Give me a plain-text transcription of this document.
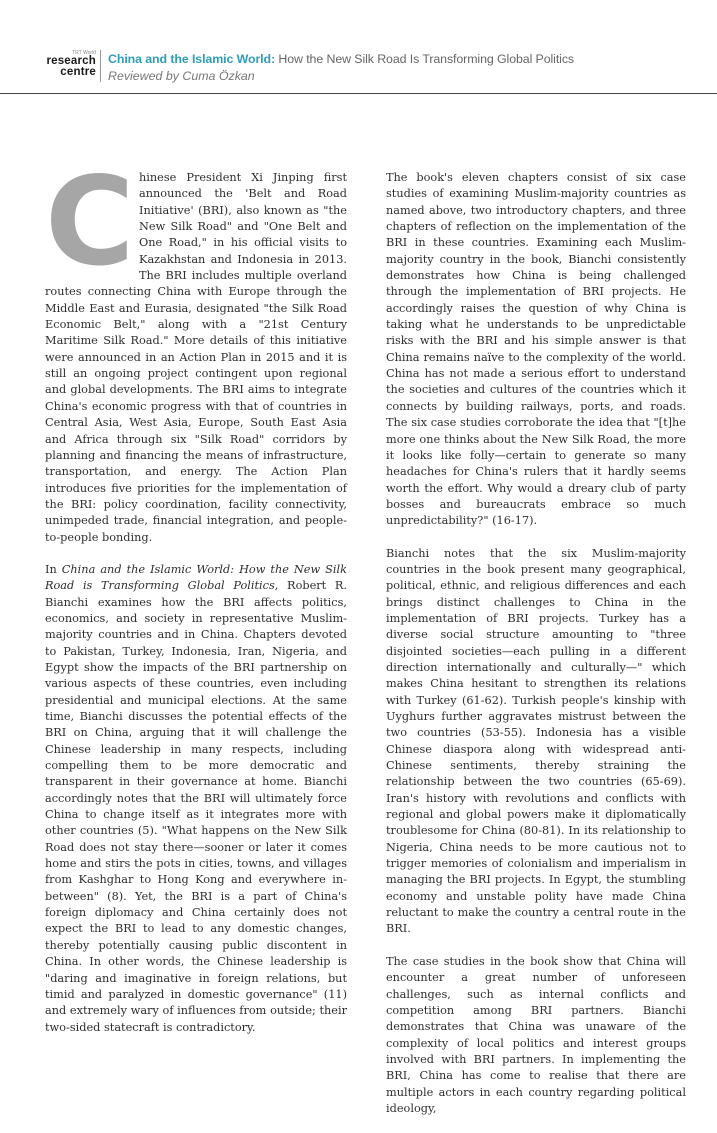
TRT World
research
centre
China and the Islamic World: How the New Silk Road Is Transforming Global Politics
Reviewed by Cuma Özkan

Chinese President Xi Jinping first announced the 'Belt and Road Initiative' (BRI), also known as "the New Silk Road" and "One Belt and One Road," in his official visits to Kazakhstan and Indonesia in 2013. The BRI includes multiple overland routes connecting China with Europe through the Middle East and Eurasia, designated "the Silk Road Economic Belt," along with a "21st Century Maritime Silk Road." More details of this initiative were announced in an Action Plan in 2015 and it is still an ongoing project contingent upon regional and global developments. The BRI aims to integrate China's economic progress with that of countries in Central Asia, West Asia, Europe, South East Asia and Africa through six "Silk Road" corridors by planning and financing the means of infrastructure, transportation, and energy. The Action Plan introduces five priorities for the implementation of the BRI: policy coordination, facility connectivity, unimpeded trade, financial integration, and people-to-people bonding.

In China and the Islamic World: How the New Silk Road is Transforming Global Politics, Robert R. Bianchi examines how the BRI affects politics, economics, and society in representative Muslim-majority countries and in China. Chapters devoted to Pakistan, Turkey, Indonesia, Iran, Nigeria, and Egypt show the impacts of the BRI partnership on various aspects of these countries, even including presidential and municipal elections. At the same time, Bianchi discusses the potential effects of the BRI on China, arguing that it will challenge the Chinese leadership in many respects, including compelling them to be more democratic and transparent in their governance at home. Bianchi accordingly notes that the BRI will ultimately force China to change itself as it integrates more with other countries (5). "What happens on the New Silk Road does not stay there—sooner or later it comes home and stirs the pots in cities, towns, and villages from Kashghar to Hong Kong and everywhere in-between" (8). Yet, the BRI is a part of China's foreign diplomacy and China certainly does not expect the BRI to lead to any domestic changes, thereby potentially causing public discontent in China. In other words, the Chinese leadership is "daring and imaginative in foreign relations, but timid and paralyzed in domestic governance" (11) and extremely wary of influences from outside; their two-sided statecraft is contradictory.

The book's eleven chapters consist of six case studies of examining Muslim-majority countries as named above, two introductory chapters, and three chapters of reflection on the implementation of the BRI in these countries. Examining each Muslim-majority country in the book, Bianchi consistently demonstrates how China is being challenged through the implementation of BRI projects. He accordingly raises the question of why China is taking what he understands to be unpredictable risks with the BRI and his simple answer is that China remains naïve to the complexity of the world. China has not made a serious effort to understand the societies and cultures of the countries which it connects by building railways, ports, and roads. The six case studies corroborate the idea that "[t]he more one thinks about the New Silk Road, the more it looks like folly—certain to generate so many headaches for China's rulers that it hardly seems worth the effort. Why would a dreary club of party bosses and bureaucrats embrace so much unpredictability?" (16-17).

Bianchi notes that the six Muslim-majority countries in the book present many geographical, political, ethnic, and religious differences and each brings distinct challenges to China in the implementation of BRI projects. Turkey has a diverse social structure amounting to "three disjointed societies—each pulling in a different direction internationally and culturally—" which makes China hesitant to strengthen its relations with Turkey (61-62). Turkish people's kinship with Uyghurs further aggravates mistrust between the two countries (53-55). Indonesia has a visible Chinese diaspora along with widespread anti-Chinese sentiments, thereby straining the relationship between the two countries (65-69). Iran's history with revolutions and conflicts with regional and global powers make it diplomatically troublesome for China (80-81). In its relationship to Nigeria, China needs to be more cautious not to trigger memories of colonialism and imperialism in managing the BRI projects. In Egypt, the stumbling economy and unstable polity have made China reluctant to make the country a central route in the BRI.

The case studies in the book show that China will encounter a great number of unforeseen challenges, such as internal conflicts and competition among BRI partners. Bianchi demonstrates that China was unaware of the complexity of local politics and interest groups involved with BRI partners. In implementing the BRI, China has come to realise that there are multiple actors in each country regarding political ideology,
